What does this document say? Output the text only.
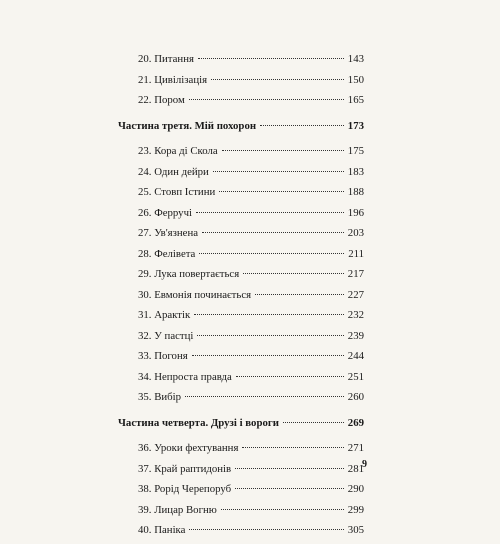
20. Питання	143
21. Цивілізація	150
22. Пором	165
Частина третя. Мій похорон	173
23. Кора ді Скола	175
24. Один дейри	183
25. Стовп Істини	188
26. Ферручі	196
27. Ув'язнена	203
28. Феліветa	211
29. Лука повертається	217
30. Евмонія починається	227
31. Арактік	232
32. У пастці	239
33. Погоня	244
34. Непроста правда	251
35. Вибір	260
Частина четверта. Друзі і вороги	269
36. Уроки фехтування	271
37. Край раптидонів	281
38. Рорід Черепоруб	290
39. Лицар Вогню	299
40. Паніка	305
9
